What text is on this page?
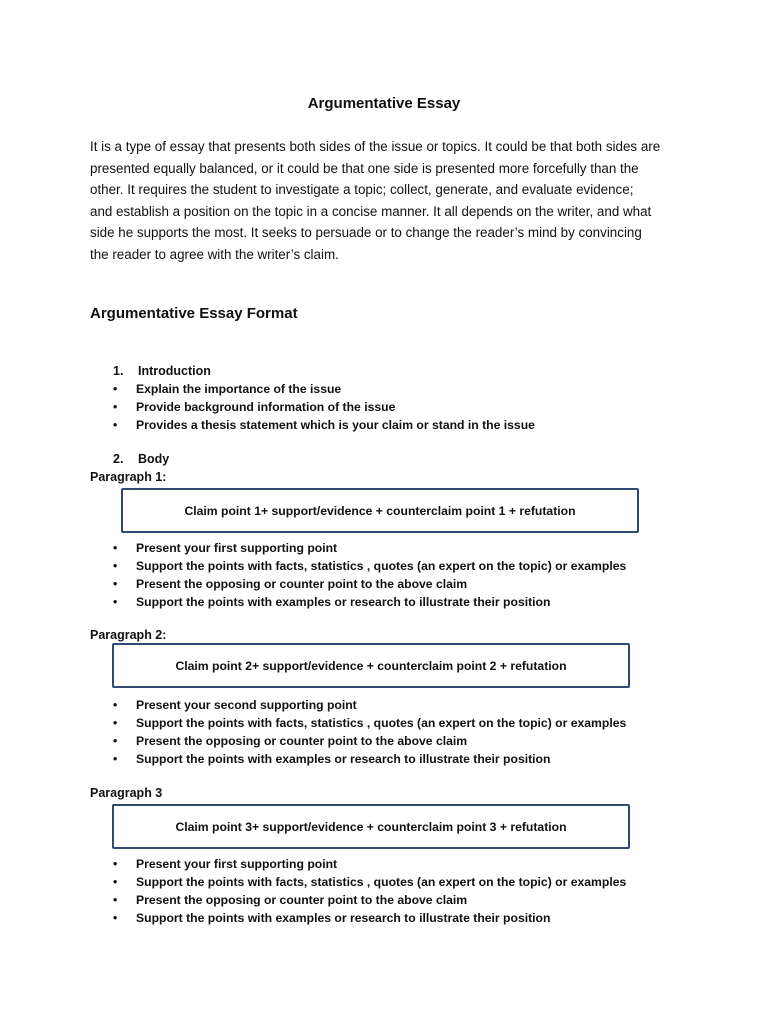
Argumentative Essay

It is a type of essay that presents both sides of the issue or topics. It could be that both sides are
presented equally balanced, or it could be that one side is presented more forcefully than the
other. It requires the student to investigate a topic; collect, generate, and evaluate evidence;
and establish a position on the topic in a concise manner. It all depends on the writer, and what
side he supports the most. It seeks to persuade or to change the reader’s mind by convincing
the reader to agree with the writer’s claim.

Argumentative Essay Format
1. Introduction
• Explain the importance of the issue
• Provide background information of the issue
• Provides a thesis statement which is your claim or stand in the issue
2. Body
Paragraph 1:
Claim point 1+ support/evidence + counterclaim point 1 + refutation
• Present your first supporting point
• Support the points with facts, statistics , quotes (an expert on the topic) or examples
• Present the opposing or counter point to the above claim
• Support the points with examples or research to illustrate their position
Paragraph 2:
Claim point 2+ support/evidence + counterclaim point 2 + refutation
• Present your second supporting point
• Support the points with facts, statistics , quotes (an expert on the topic) or examples
• Present the opposing or counter point to the above claim
• Support the points with examples or research to illustrate their position
Paragraph 3
Claim point 3+ support/evidence + counterclaim point 3 + refutation
• Present your first supporting point
• Support the points with facts, statistics , quotes (an expert on the topic) or examples
• Present the opposing or counter point to the above claim
• Support the points with examples or research to illustrate their position
